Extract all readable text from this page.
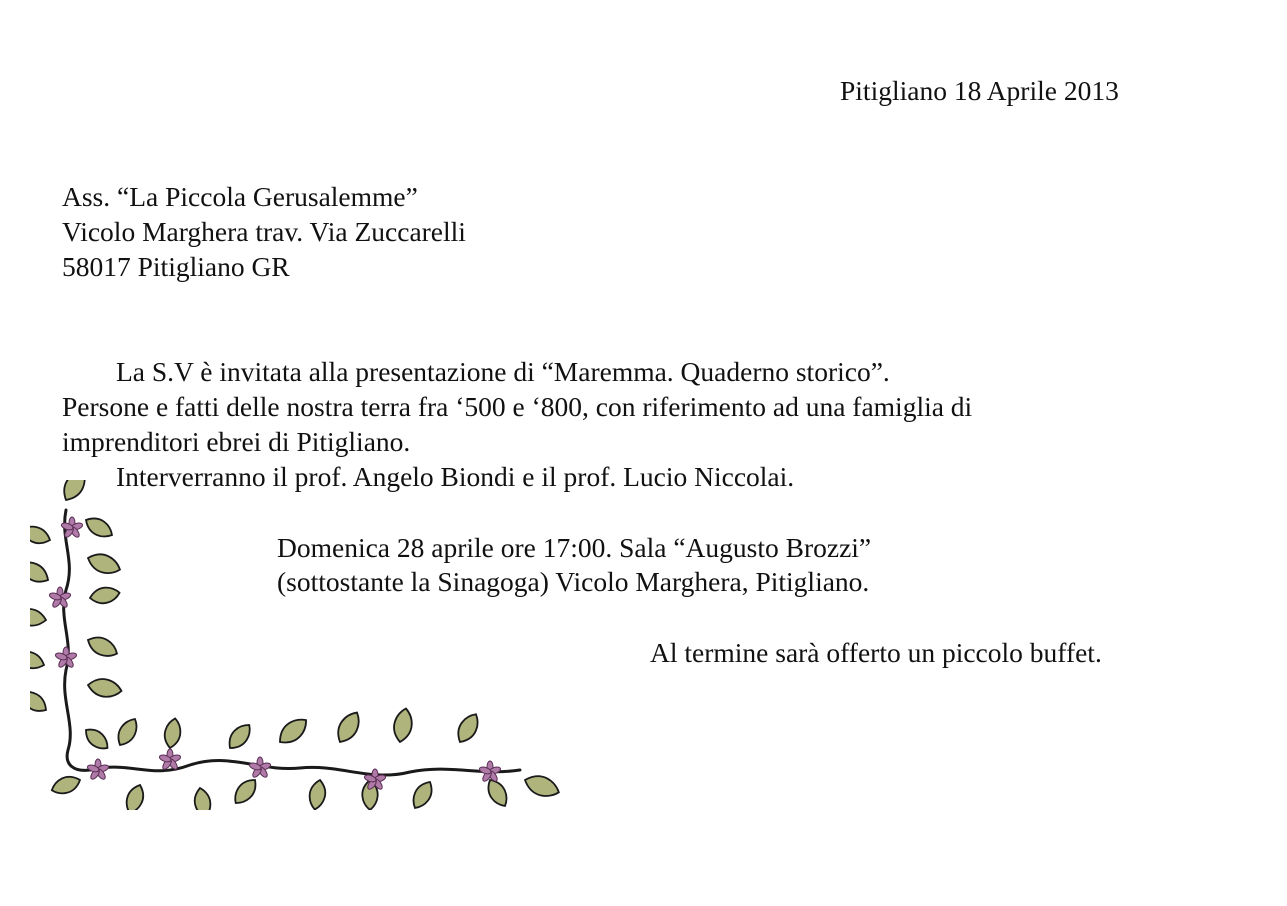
Pitigliano 18 Aprile 2013

Ass. “La Piccola Gerusalemme”

Vicolo Marghera trav. Via Zuccarelli

58017 Pitigliano GR

La S.V è invitata alla presentazione di “Maremma. Quaderno storico”.

Persone e fatti delle nostra terra fra ‘500 e ‘800, con riferimento ad una famiglia di

imprenditori ebrei di Pitigliano.

Interverranno il prof. Angelo Biondi e il prof. Lucio Niccolai.

Domenica 28 aprile ore 17:00. Sala “Augusto Brozzi”

(sottostante la Sinagoga) Vicolo Marghera, Pitigliano.

Al termine sarà offerto un piccolo buffet.
